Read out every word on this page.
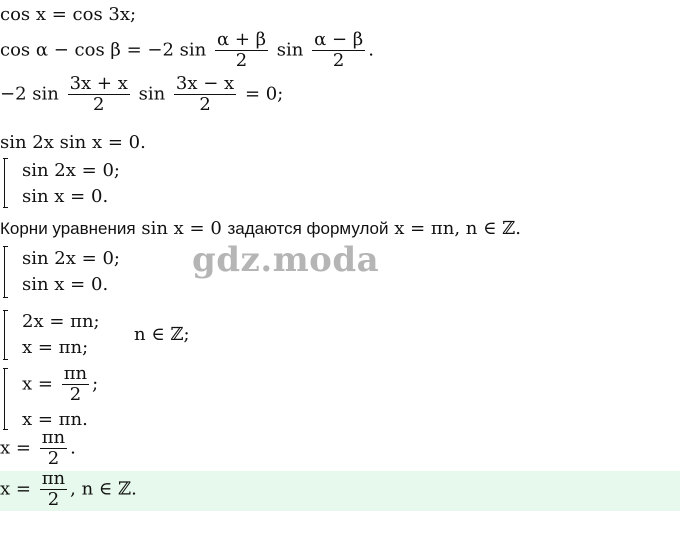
cos x = cos 3x;
cos α − cos β = −2 $\sin \frac{\alpha + \beta}{2}$ $\sin \frac{\alpha - \beta}{2}$ .
−2 $\sin \frac{3x + x}{2}$ $\sin \frac{3x - x}{2} = 0$;
sin 2x sin x = 0.
sin 2x = 0;
sin x = 0.
Корни уравнения sin x = 0 задаются формулой x = πn, n ∈ ℤ.
sin 2x = 0;
sin x = 0.
2x = πn;
x = πn;
n ∈ ℤ;
$x = \frac{\pi n}{2}$ ;
x = πn.
$x = \frac{\pi n}{2}$ .
$x = \frac{\pi n}{2}$ , n ∈ ℤ.
gdz.moda
